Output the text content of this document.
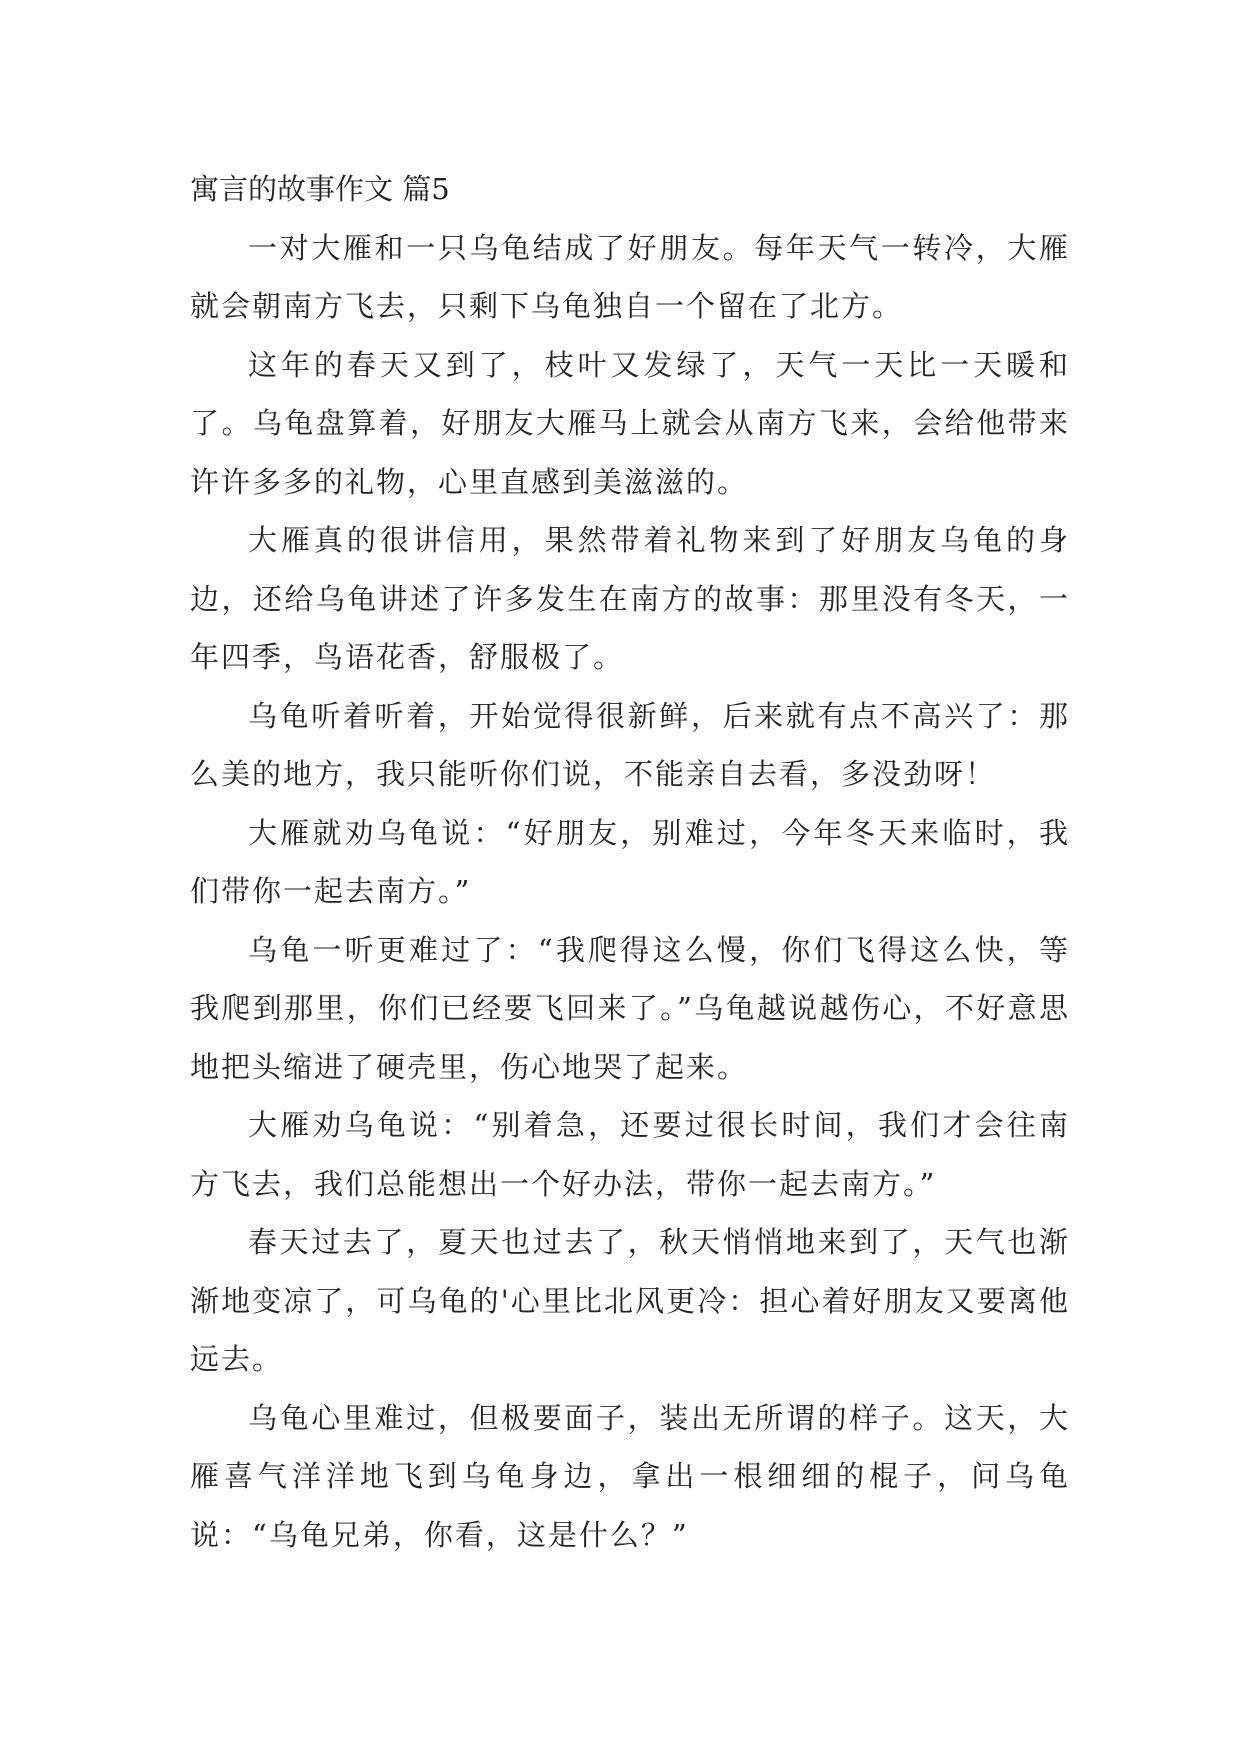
寓言的故事作文 篇5

一对大雁和一只乌龟结成了好朋友。每年天气一转冷，大雁就会朝南方飞去，只剩下乌龟独自一个留在了北方。

这年的春天又到了，枝叶又发绿了，天气一天比一天暖和了。乌龟盘算着，好朋友大雁马上就会从南方飞来，会给他带来许许多多的礼物，心里直感到美滋滋的。

大雁真的很讲信用，果然带着礼物来到了好朋友乌龟的身边，还给乌龟讲述了许多发生在南方的故事：那里没有冬天，一年四季，鸟语花香，舒服极了。

乌龟听着听着，开始觉得很新鲜，后来就有点不高兴了：那么美的地方，我只能听你们说，不能亲自去看，多没劲呀！

大雁就劝乌龟说：“好朋友，别难过，今年冬天来临时，我们带你一起去南方。”

乌龟一听更难过了：“我爬得这么慢，你们飞得这么快，等我爬到那里，你们已经要飞回来了。”乌龟越说越伤心，不好意思地把头缩进了硬壳里，伤心地哭了起来。

大雁劝乌龟说：“别着急，还要过很长时间，我们才会往南方飞去，我们总能想出一个好办法，带你一起去南方。”

春天过去了，夏天也过去了，秋天悄悄地来到了，天气也渐渐地变凉了，可乌龟的'心里比北风更冷：担心着好朋友又要离他远去。

乌龟心里难过，但极要面子，装出无所谓的样子。这天，大雁喜气洋洋地飞到乌龟身边，拿出一根细细的棍子，问乌龟说：“乌龟兄弟，你看，这是什么？”
